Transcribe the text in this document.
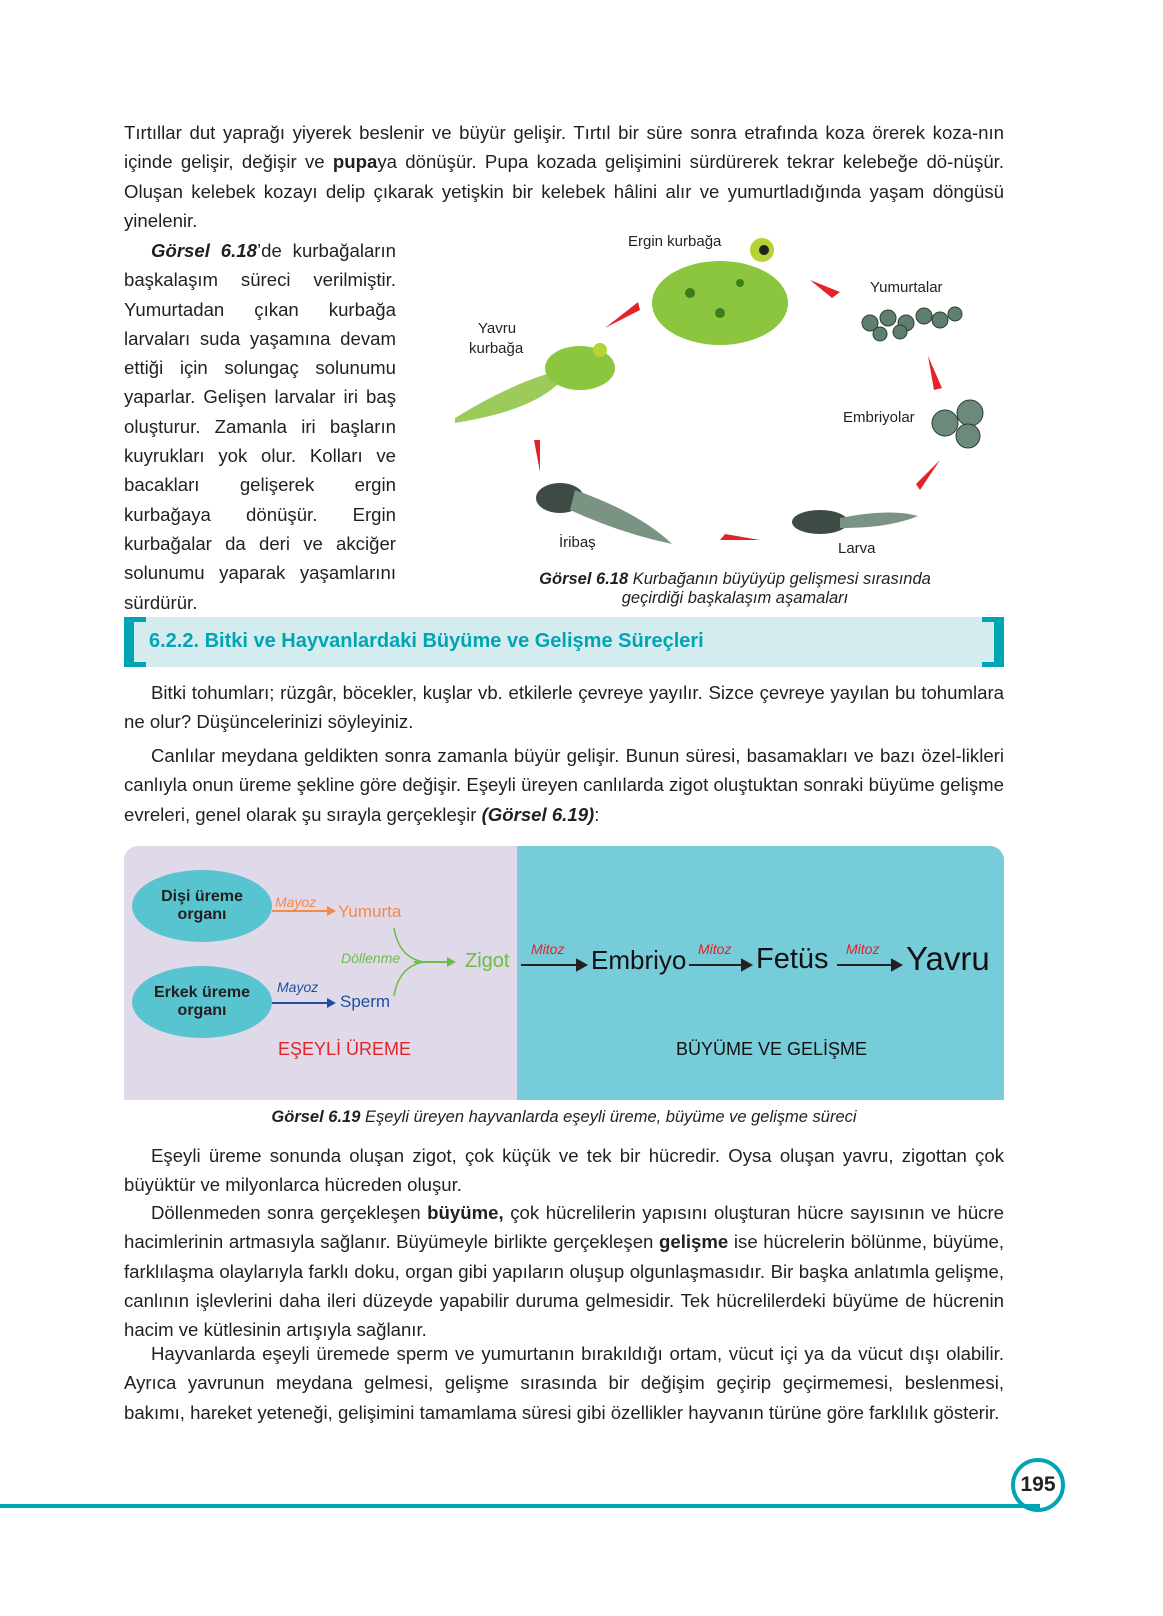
Tırtıllar dut yaprağı yiyerek beslenir ve büyür gelişir. Tırtıl bir süre sonra etrafında koza örerek koza-nın içinde gelişir, değişir ve pupaya dönüşür. Pupa kozada gelişimini sürdürerek tekrar kelebeğe dö-nüşür. Oluşan kelebek kozayı delip çıkarak yetişkin bir kelebek hâlini alır ve yumurtladığında yaşam döngüsü yinelenir.

Görsel 6.18’de kurbağaların başkalaşım süreci verilmiştir. Yumurtadan çıkan kurbağa larvaları suda yaşamına devam ettiği için solungaç solunumu yaparlar. Gelişen larvalar iri baş oluşturur. Zamanla iri başların kuyrukları yok olur. Kolları ve bacakları gelişerek ergin kurbağaya dönüşür. Ergin kurbağalar da deri ve akciğer solunumu yaparak yaşamlarını sürdürür.

Ergin kurbağa
Yumurtalar
Embriyolar
Larva
İribaş
Yavru
kurbağa
Görsel 6.18 Kurbağanın büyüyüp gelişmesi sırasında
geçirdiği başkalaşım aşamaları
6.2.2. Bitki ve Hayvanlardaki Büyüme ve Gelişme Süreçleri

Bitki tohumları; rüzgâr, böcekler, kuşlar vb. etkilerle çevreye yayılır. Sizce çevreye yayılan bu tohumlara ne olur? Düşüncelerinizi söyleyiniz.

Canlılar meydana geldikten sonra zamanla büyür gelişir. Bunun süresi, basamakları ve bazı özel-likleri canlıyla onun üreme şekline göre değişir. Eşeyli üreyen canlılarda zigot oluştuktan sonraki büyüme gelişme evreleri, genel olarak şu sırayla gerçekleşir (Görsel 6.19):

Dişi üreme organı
Erkek üreme organı
Mayoz Yumurta
Mayoz
Sperm
Döllenme	Zigot
EŞEYLİ ÜREME
Mitoz Embriyo Mitoz Fetüs Mitoz Yavru
BÜYÜME VE GELİŞME
Görsel 6.19 Eşeyli üreyen hayvanlarda eşeyli üreme, büyüme ve gelişme süreci

Eşeyli üreme sonunda oluşan zigot, çok küçük ve tek bir hücredir. Oysa oluşan yavru, zigottan çok büyüktür ve milyonlarca hücreden oluşur.

Döllenmeden sonra gerçekleşen büyüme, çok hücrelilerin yapısını oluşturan hücre sayısının ve hücre hacimlerinin artmasıyla sağlanır. Büyümeyle birlikte gerçekleşen gelişme ise hücrelerin bölünme, büyüme, farklılaşma olaylarıyla farklı doku, organ gibi yapıların oluşup olgunlaşmasıdır. Bir başka anlatımla gelişme, canlının işlevlerini daha ileri düzeyde yapabilir duruma gelmesidir. Tek hücrelilerdeki büyüme de hücrenin hacim ve kütlesinin artışıyla sağlanır.

Hayvanlarda eşeyli üremede sperm ve yumurtanın bırakıldığı ortam, vücut içi ya da vücut dışı olabilir. Ayrıca yavrunun meydana gelmesi, gelişme sırasında bir değişim geçirip geçirmemesi, beslenmesi, bakımı, hareket yeteneği, gelişimini tamamlama süresi gibi özellikler hayvanın türüne göre farklılık gösterir.

195
